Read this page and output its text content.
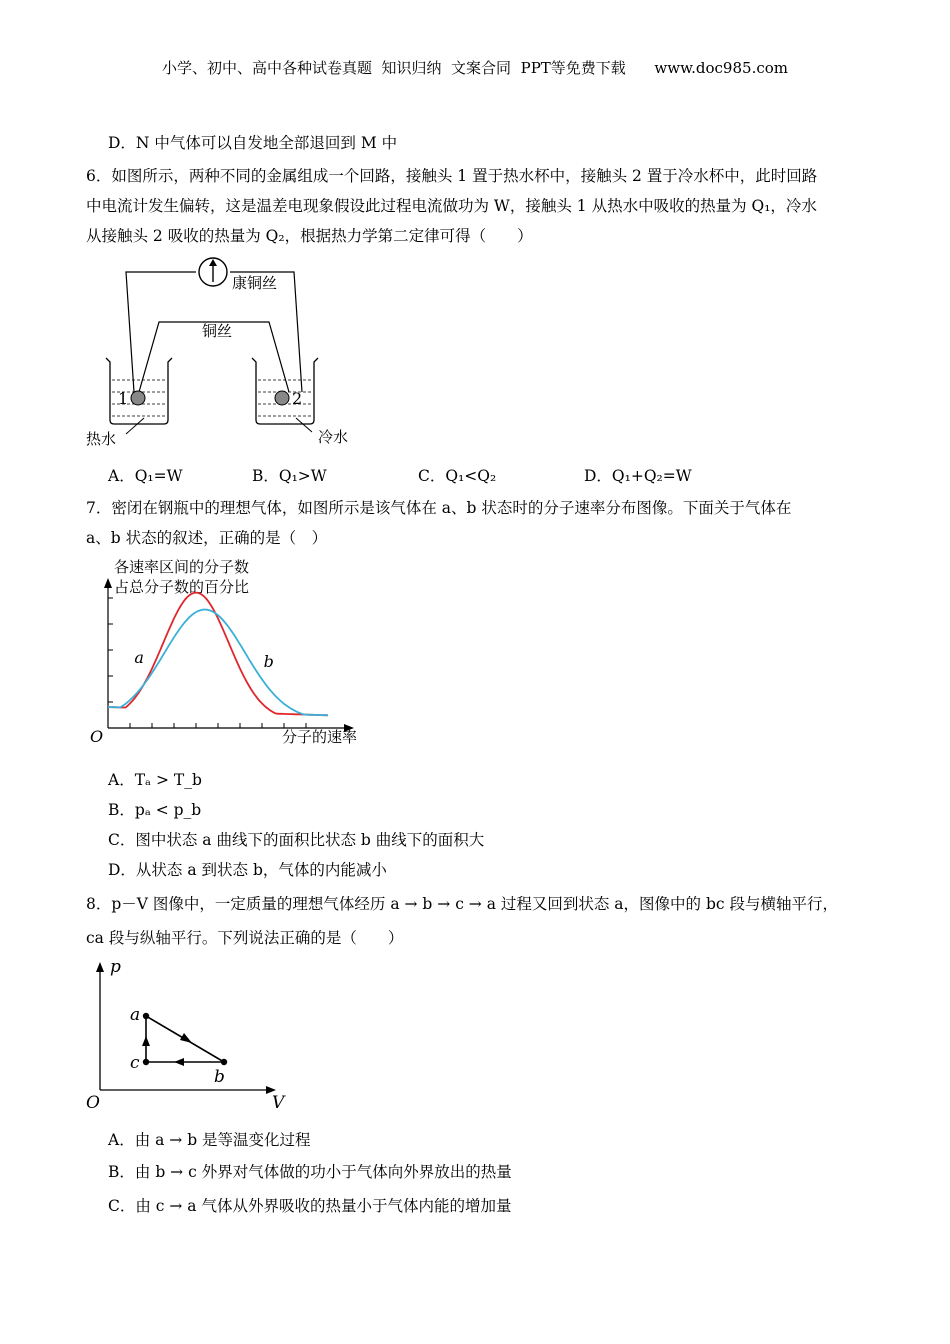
小学、初中、高中各种试卷真题  知识归纳  文案合同  PPT等免费下载      www.doc985.com
D．N 中气体可以自发地全部退回到 M 中
6．如图所示，两种不同的金属组成一个回路，接触头 1 置于热水杯中，接触头 2 置于冷水杯中，此时回路
中电流计发生偏转，这是温差电现象假设此过程电流做功为 W，接触头 1 从热水中吸收的热量为 Q₁，冷水
从接触头 2 吸收的热量为 Q₂，根据热力学第二定律可得（　　）
康铜丝
铜丝
1
热水
2
冷水
A．Q₁=W	B．Q₁>W	C．Q₁<Q₂	D．Q₁+Q₂=W
7．密闭在钢瓶中的理想气体，如图所示是该气体在 a、b 状态时的分子速率分布图像。下面关于气体在
a、b 状态的叙述，正确的是（　）
各速率区间的分子数
占总分子数的百分比
a	b
O	分子的速率
A．Tₐ > T_b
B．pₐ < p_b
C．图中状态 a 曲线下的面积比状态 b 曲线下的面积大
D．从状态 a 到状态 b，气体的内能减小
8．p－V 图像中，一定质量的理想气体经历 a → b → c → a 过程又回到状态 a，图像中的 bc 段与横轴平行，
ca 段与纵轴平行。下列说法正确的是（　　）
p
V
O
a
c
b
A．由 a → b 是等温变化过程
B．由 b → c 外界对气体做的功小于气体向外界放出的热量
C．由 c → a 气体从外界吸收的热量小于气体内能的增加量
